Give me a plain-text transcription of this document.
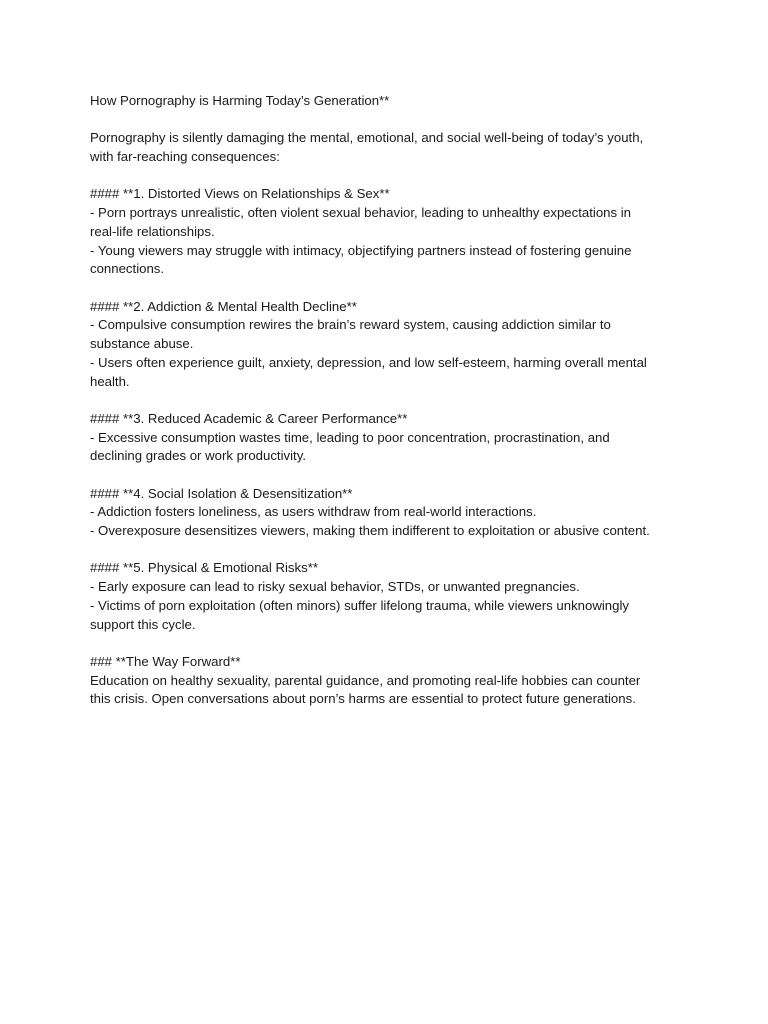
How Pornography is Harming Today’s Generation**
Pornography is silently damaging the mental, emotional, and social well-being of today’s youth,
with far-reaching consequences:
#### **1. Distorted Views on Relationships & Sex**
- Porn portrays unrealistic, often violent sexual behavior, leading to unhealthy expectations in
real-life relationships.
- Young viewers may struggle with intimacy, objectifying partners instead of fostering genuine
connections.
#### **2. Addiction & Mental Health Decline**
- Compulsive consumption rewires the brain’s reward system, causing addiction similar to
substance abuse.
- Users often experience guilt, anxiety, depression, and low self-esteem, harming overall mental
health.
#### **3. Reduced Academic & Career Performance**
- Excessive consumption wastes time, leading to poor concentration, procrastination, and
declining grades or work productivity.
#### **4. Social Isolation & Desensitization**
- Addiction fosters loneliness, as users withdraw from real-world interactions.
- Overexposure desensitizes viewers, making them indifferent to exploitation or abusive content.
#### **5. Physical & Emotional Risks**
- Early exposure can lead to risky sexual behavior, STDs, or unwanted pregnancies.
- Victims of porn exploitation (often minors) suffer lifelong trauma, while viewers unknowingly
support this cycle.
### **The Way Forward**
Education on healthy sexuality, parental guidance, and promoting real-life hobbies can counter
this crisis. Open conversations about porn’s harms are essential to protect future generations.
